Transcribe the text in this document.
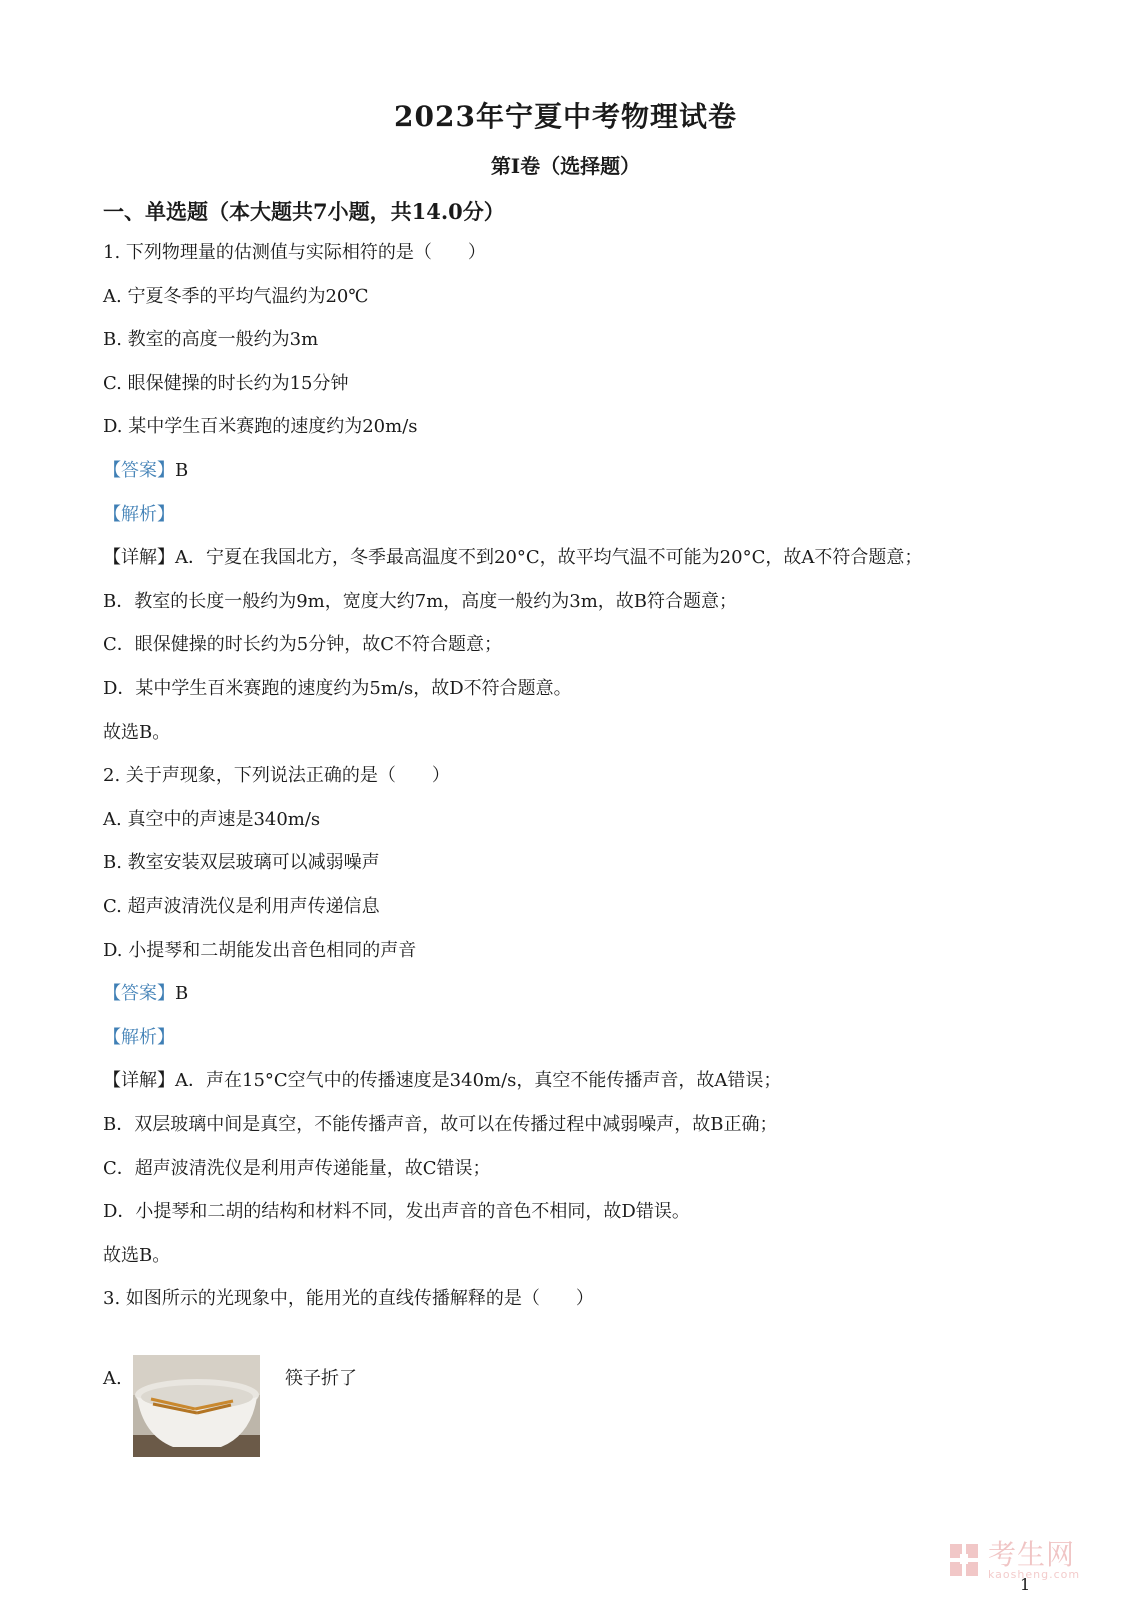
2023年宁夏中考物理试卷
第I卷（选择题）
一、单选题（本大题共7小题，共14.0分）
1. 下列物理量的估测值与实际相符的是（　　）
A. 宁夏冬季的平均气温约为20℃
B. 教室的高度一般约为3m
C. 眼保健操的时长约为15分钟
D. 某中学生百米赛跑的速度约为20m/s
【答案】B
【解析】
【详解】A．宁夏在我国北方，冬季最高温度不到20°C，故平均气温不可能为20°C，故A不符合题意；
B．教室的长度一般约为9m，宽度大约7m，高度一般约为3m，故B符合题意；
C．眼保健操的时长约为5分钟，故C不符合题意；
D．某中学生百米赛跑的速度约为5m/s，故D不符合题意。
故选B。
2. 关于声现象，下列说法正确的是（　　）
A. 真空中的声速是340m/s
B. 教室安装双层玻璃可以减弱噪声
C. 超声波清洗仪是利用声传递信息
D. 小提琴和二胡能发出音色相同的声音
【答案】B
【解析】
【详解】A．声在15°C空气中的传播速度是340m/s，真空不能传播声音，故A错误；
B．双层玻璃中间是真空，不能传播声音，故可以在传播过程中减弱噪声，故B正确；
C．超声波清洗仪是利用声传递能量，故C错误；
D．小提琴和二胡的结构和材料不同，发出声音的音色不相同，故D错误。
故选B。
3. 如图所示的光现象中，能用光的直线传播解释的是（　　）
A.	筷子折了
考生网
kaosheng.com
1
